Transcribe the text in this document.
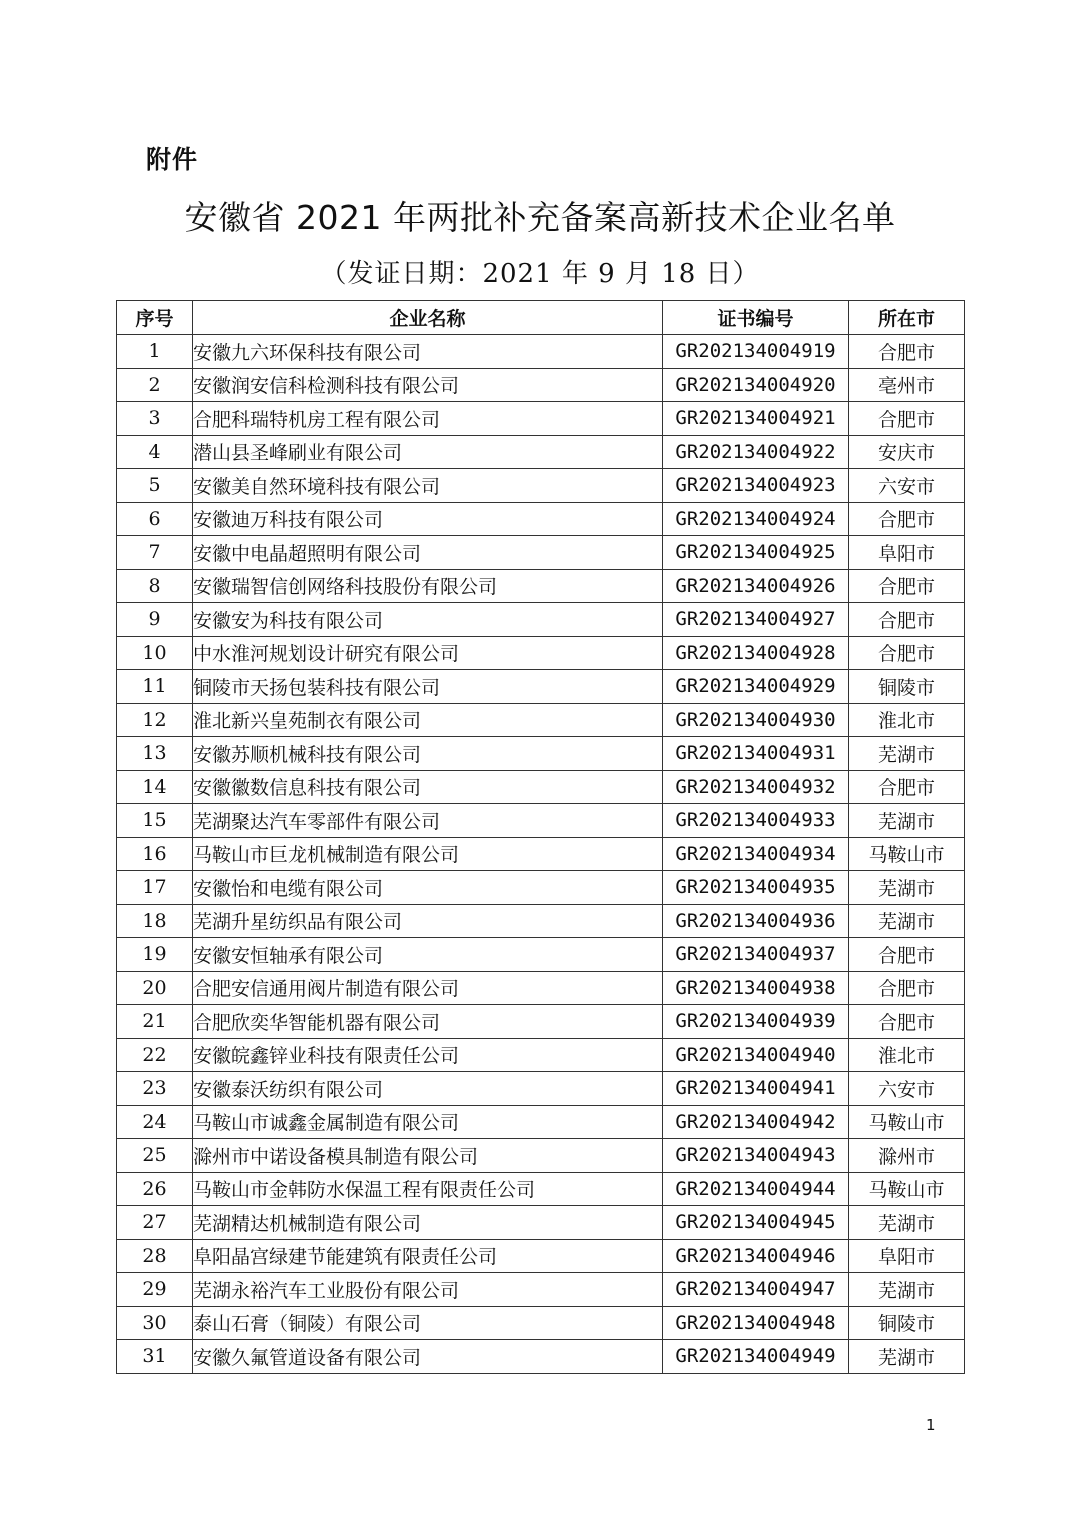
附件
安徽省 2021 年两批补充备案高新技术企业名单
（发证日期：2021 年 9 月 18 日）
序号	企业名称	证书编号	所在市
1	安徽九六环保科技有限公司	GR202134004919	合肥市
2	安徽润安信科检测科技有限公司	GR202134004920	亳州市
3	合肥科瑞特机房工程有限公司	GR202134004921	合肥市
4	潜山县圣峰刷业有限公司	GR202134004922	安庆市
5	安徽美自然环境科技有限公司	GR202134004923	六安市
6	安徽迪万科技有限公司	GR202134004924	合肥市
7	安徽中电晶超照明有限公司	GR202134004925	阜阳市
8	安徽瑞智信创网络科技股份有限公司	GR202134004926	合肥市
9	安徽安为科技有限公司	GR202134004927	合肥市
10	中水淮河规划设计研究有限公司	GR202134004928	合肥市
11	铜陵市天扬包装科技有限公司	GR202134004929	铜陵市
12	淮北新兴皇苑制衣有限公司	GR202134004930	淮北市
13	安徽苏顺机械科技有限公司	GR202134004931	芜湖市
14	安徽徽数信息科技有限公司	GR202134004932	合肥市
15	芜湖聚达汽车零部件有限公司	GR202134004933	芜湖市
16	马鞍山市巨龙机械制造有限公司	GR202134004934	马鞍山市
17	安徽怡和电缆有限公司	GR202134004935	芜湖市
18	芜湖升星纺织品有限公司	GR202134004936	芜湖市
19	安徽安恒轴承有限公司	GR202134004937	合肥市
20	合肥安信通用阀片制造有限公司	GR202134004938	合肥市
21	合肥欣奕华智能机器有限公司	GR202134004939	合肥市
22	安徽皖鑫锌业科技有限责任公司	GR202134004940	淮北市
23	安徽泰沃纺织有限公司	GR202134004941	六安市
24	马鞍山市诚鑫金属制造有限公司	GR202134004942	马鞍山市
25	滁州市中诺设备模具制造有限公司	GR202134004943	滁州市
26	马鞍山市金韩防水保温工程有限责任公司	GR202134004944	马鞍山市
27	芜湖精达机械制造有限公司	GR202134004945	芜湖市
28	阜阳晶宫绿建节能建筑有限责任公司	GR202134004946	阜阳市
29	芜湖永裕汽车工业股份有限公司	GR202134004947	芜湖市
30	泰山石膏（铜陵）有限公司	GR202134004948	铜陵市
31	安徽久氟管道设备有限公司	GR202134004949	芜湖市
1
